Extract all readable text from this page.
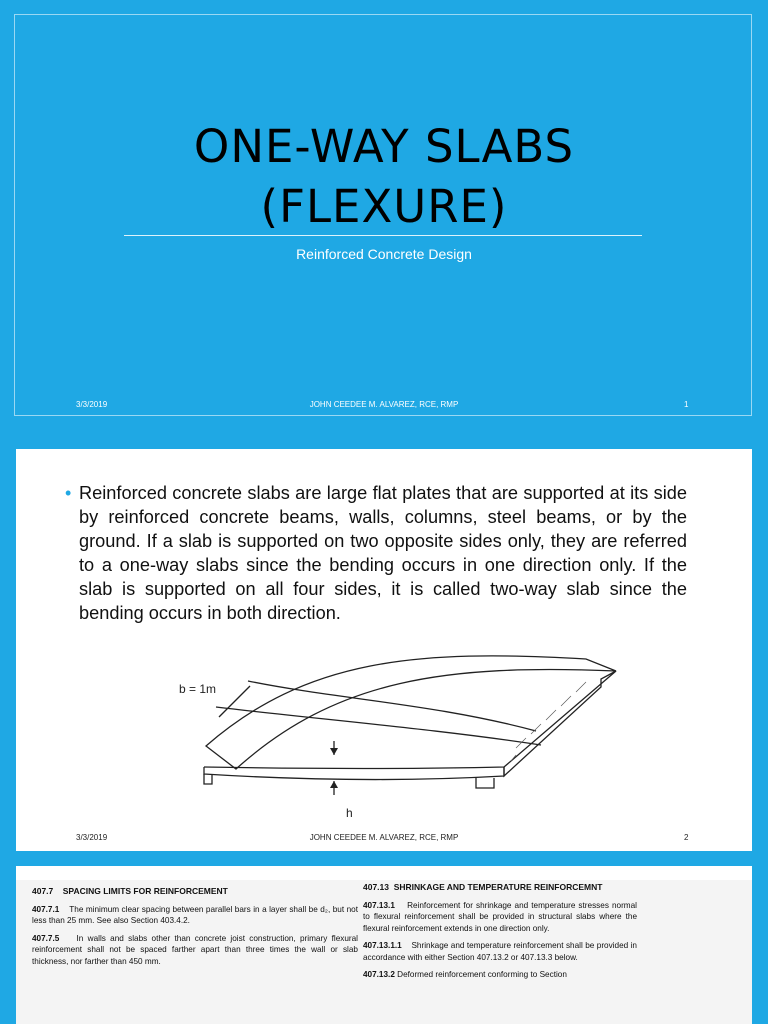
ONE-WAY SLABS
(FLEXURE)
Reinforced Concrete Design
3/3/2019	JOHN CEEDEE M. ALVAREZ, RCE, RMP	1
• Reinforced concrete slabs are large flat plates that are supported at its side by reinforced concrete beams, walls, columns, steel beams, or by the ground. If a slab is supported on two opposite sides only, they are referred to a one-way slabs since the bending occurs in one direction only. If the slab is supported on all four sides, it is called two-way slab since the bending occurs in both direction.
b = 1m
h
3/3/2019	JOHN CEEDEE M. ALVAREZ, RCE, RMP	2

407.7 SPACING LIMITS FOR REINFORCEMENT

407.7.1 The minimum clear spacing between parallel bars in a layer shall be d₂, but not less than 25 mm. See also Section 403.4.2.

407.7.5 In walls and slabs other than concrete joist construction, primary flexural reinforcement shall not be spaced farther apart than three times the wall or slab thickness, nor farther than 450 mm.

407.13 SHRINKAGE AND TEMPERATURE REINFORCEMNT

407.13.1 Reinforcement for shrinkage and temperature stresses normal to flexural reinforcement shall be provided in structural slabs where the flexural reinforcement extends in one direction only.

407.13.1.1 Shrinkage and temperature reinforcement shall be provided in accordance with either Section 407.13.2 or 407.13.3 below.

407.13.2 Deformed reinforcement conforming to Section
